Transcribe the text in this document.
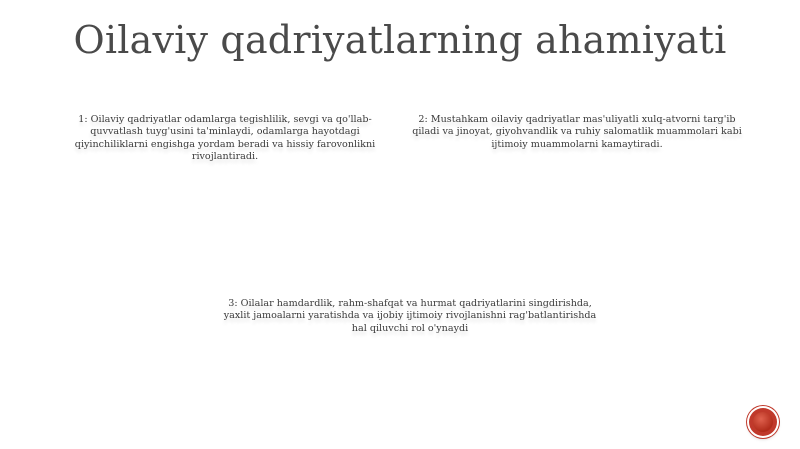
Oilaviy qadriyatlarning ahamiyati
1: Oilaviy qadriyatlar odamlarga tegishlilik, sevgi va qo'llab-quvvatlash tuyg'usini ta'minlaydi, odamlarga hayotdagi qiyinchiliklarni engishga yordam beradi va hissiy farovonlikni rivojlantiradi.
2: Mustahkam oilaviy qadriyatlar mas'uliyatli xulq-atvorni targ'ib qiladi va jinoyat, giyohvandlik va ruhiy salomatlik muammolari kabi ijtimoiy muammolarni kamaytiradi.
3: Oilalar hamdardlik, rahm-shafqat va hurmat qadriyatlarini singdirishda, yaxlit jamoalarni yaratishda va ijobiy ijtimoiy rivojlanishni rag'batlantirishda hal qiluvchi rol o'ynaydi
